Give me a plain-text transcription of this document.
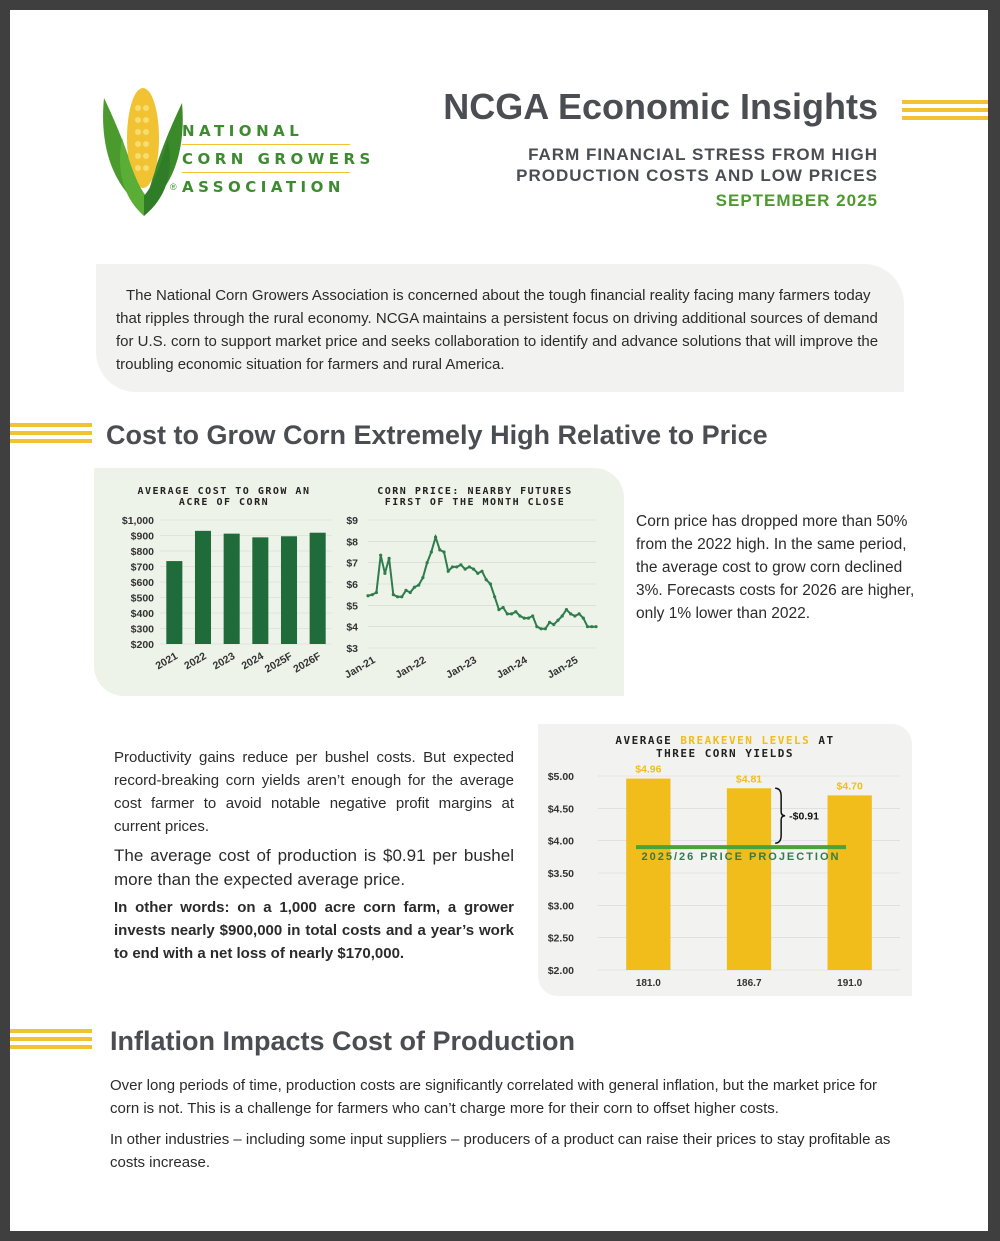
NATIONAL
CORN GROWERS
ASSOCIATION
®
NCGA Economic Insights
FARM FINANCIAL STRESS FROM HIGH
PRODUCTION COSTS AND LOW PRICES
SEPTEMBER 2025
The National Corn Growers Association is concerned about the tough financial reality facing many farmers today that ripples through the rural economy. NCGA maintains a persistent focus on driving additional sources of demand for U.S. corn to support market price and seeks collaboration to identify and advance solutions that will improve the troubling economic situation for farmers and rural America.
Cost to Grow Corn Extremely High Relative to Price
AVERAGE COST TO GROW AN
ACRE OF CORN
$200
$300
$400
$500
$600
$700
$800
$900
$1,000
2021 2022 2023 2024
2025F
2026F
CORN PRICE: NEARBY FUTURES
FIRST OF THE MONTH CLOSE
$3
$4
$5
$6
$7
$8
$9
Jan-21 Jan-22 Jan-23 Jan-24 Jan-25
Corn price has dropped more than 50% from the 2022 high. In the same period, the average cost to grow corn declined 3%. Forecasts costs for 2026 are higher, only 1% lower than 2022.
Productivity gains reduce per bushel costs. But expected record-breaking corn yields aren’t enough for the average cost farmer to avoid notable negative profit margins at current prices.
The average cost of production is $0.91 per bushel more than the expected average price.
In other words: on a 1,000 acre corn farm, a grower invests nearly $900,000 in total costs and a year’s work to end with a net loss of nearly $170,000.
AVERAGE BREAKEVEN LEVELS AT
THREE CORN YIELDS
$2.00
$2.50
$3.00
$3.50
$4.00
$4.50
$5.00
$4.96
181.0
$4.81
186.7
$4.70
191.0
2025/26 PRICE PROJECTION
-$0.91
Inflation Impacts Cost of Production
Over long periods of time, production costs are significantly correlated with general inflation, but the market price for corn is not. This is a challenge for farmers who can’t charge more for their corn to offset higher costs.
In other industries – including some input suppliers – producers of a product can raise their prices to stay profitable as costs increase.
